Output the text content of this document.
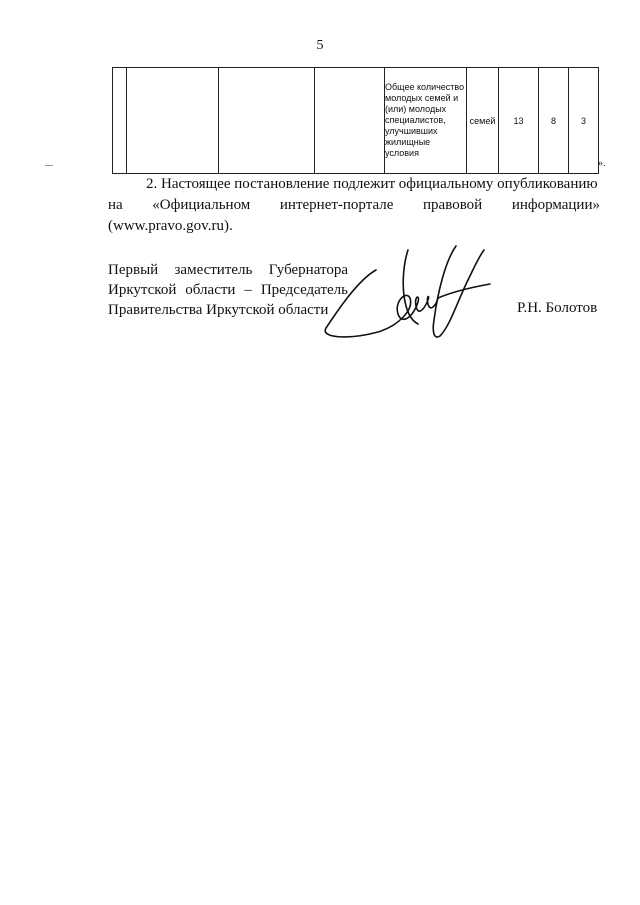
5
				Общее количество молодых семей и (или) молодых специалистов, улучшивших жилищные условия	семей	13	8	3
».
2. Настоящее постановление подлежит официальному опубликованию
на «Официальном интернет-портале правовой информации»
(www.pravo.gov.ru).
Первый заместитель Губернатора
Иркутской области – Председатель
Правительства Иркутской области	Р.Н. Болотов
